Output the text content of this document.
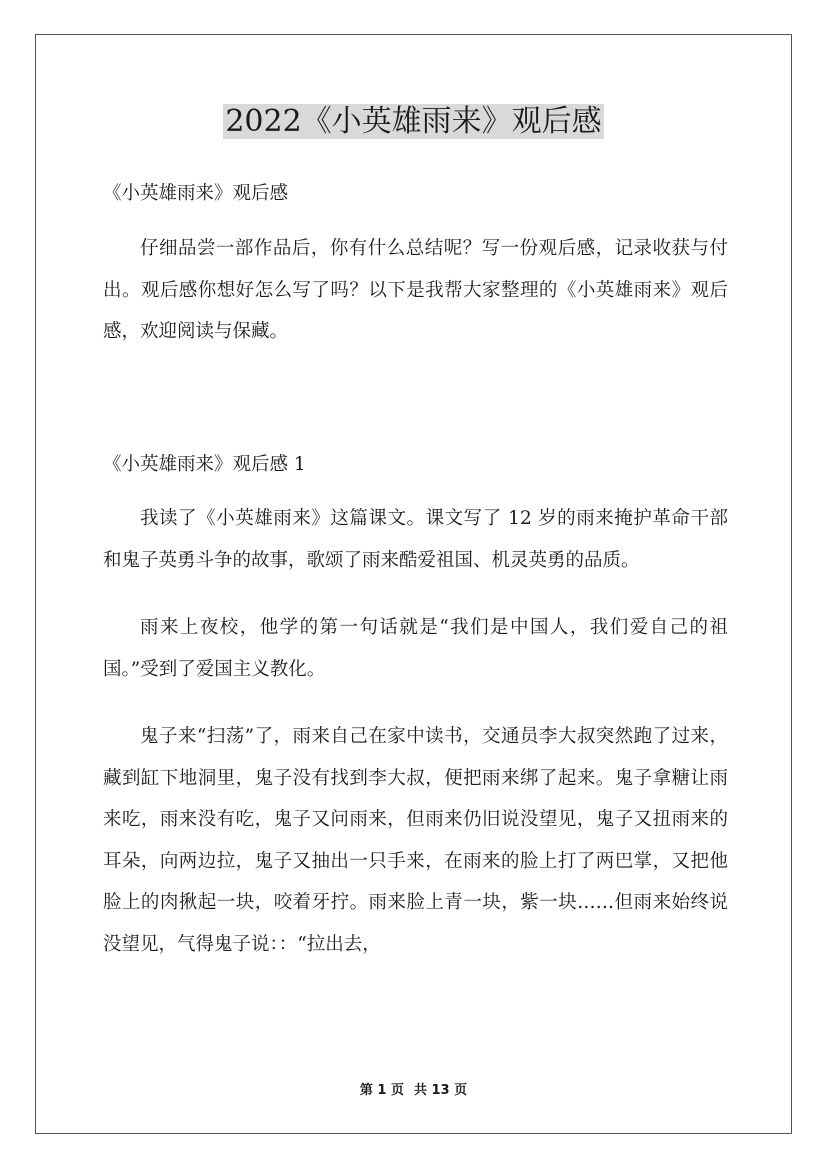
2022《小英雄雨来》观后感

《小英雄雨来》观后感

仔细品尝一部作品后，你有什么总结呢？写一份观后感，记录收获与付出。观后感你想好怎么写了吗？以下是我帮大家整理的《小英雄雨来》观后感，欢迎阅读与保藏。

《小英雄雨来》观后感 1

我读了《小英雄雨来》这篇课文。课文写了 12 岁的雨来掩护革命干部和鬼子英勇斗争的故事，歌颂了雨来酷爱祖国、机灵英勇的品质。

雨来上夜校，他学的第一句话就是“我们是中国人，我们爱自己的祖国。”受到了爱国主义教化。

鬼子来“扫荡”了，雨来自己在家中读书，交通员李大叔突然跑了过来，藏到缸下地洞里，鬼子没有找到李大叔，便把雨来绑了起来。鬼子拿糖让雨来吃，雨来没有吃，鬼子又问雨来，但雨来仍旧说没望见，鬼子又扭雨来的耳朵，向两边拉，鬼子又抽出一只手来，在雨来的脸上打了两巴掌，又把他脸上的肉揪起一块，咬着牙拧。雨来脸上青一块，紫一块……但雨来始终说没望见，气得鬼子说：：“拉出去，

第 1 页 共 13 页
